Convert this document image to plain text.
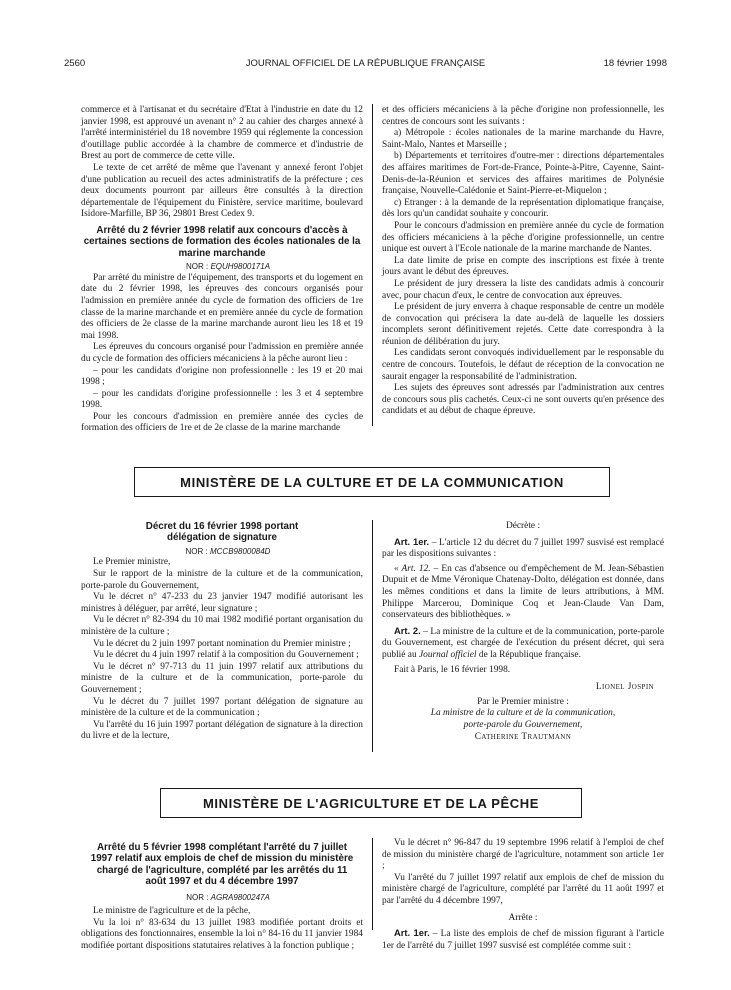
2560	JOURNAL OFFICIEL DE LA RÉPUBLIQUE FRANÇAISE	18 février 1998

commerce et à l'artisanat et du secrétaire d'Etat à l'industrie en date du 12 janvier 1998, est approuvé un avenant n° 2 au cahier des charges annexé à l'arrêté interministériel du 18 novembre 1959 qui réglemente la concession d'outillage public accordée à la chambre de commerce et d'industrie de Brest au port de commerce de cette ville.

Le texte de cet arrêté de même que l'avenant y annexé feront l'objet d'une publication au recueil des actes administratifs de la préfecture ; ces deux documents pourront par ailleurs être consultés à la direction départementale de l'équipement du Finistère, service maritime, boulevard Isidore-Marfille, BP 36, 29801 Brest Cedex 9.

Arrêté du 2 février 1998 relatif aux concours d'accès à certaines sections de formation des écoles nationales de la marine marchande

NOR : EQUH9800171A

Par arrêté du ministre de l'équipement, des transports et du logement en date du 2 février 1998, les épreuves des concours organisés pour l'admission en première année du cycle de formation des officiers de 1re classe de la marine marchande et en première année du cycle de formation des officiers de 2e classe de la marine marchande auront lieu les 18 et 19 mai 1998.

Les épreuves du concours organisé pour l'admission en première année du cycle de formation des officiers mécaniciens à la pêche auront lieu :

– pour les candidats d'origine non professionnelle : les 19 et 20 mai 1998 ;

– pour les candidats d'origine professionnelle : les 3 et 4 septembre 1998.

Pour les concours d'admission en première année des cycles de formation des officiers de 1re et de 2e classe de la marine marchande

et des officiers mécaniciens à la pêche d'origine non professionnelle, les centres de concours sont les suivants :

a) Métropole : écoles nationales de la marine marchande du Havre, Saint-Malo, Nantes et Marseille ;

b) Départements et territoires d'outre-mer : directions départementales des affaires maritimes de Fort-de-France, Pointe-à-Pitre, Cayenne, Saint-Denis-de-la-Réunion et services des affaires maritimes de Polynésie française, Nouvelle-Calédonie et Saint-Pierre-et-Miquelon ;

c) Etranger : à la demande de la représentation diplomatique française, dès lors qu'un candidat souhaite y concourir.

Pour le concours d'admission en première année du cycle de formation des officiers mécaniciens à la pêche d'origine professionnelle, un centre unique est ouvert à l'Ecole nationale de la marine marchande de Nantes.

La date limite de prise en compte des inscriptions est fixée à trente jours avant le début des épreuves.

Le président de jury dressera la liste des candidats admis à concourir avec, pour chacun d'eux, le centre de convocation aux épreuves.

Le président de jury enverra à chaque responsable de centre un modèle de convocation qui précisera la date au-delà de laquelle les dossiers incomplets seront définitivement rejetés. Cette date correspondra à la réunion de délibération du jury.

Les candidats seront convoqués individuellement par le responsable du centre de concours. Toutefois, le défaut de réception de la convocation ne saurait engager la responsabilité de l'administration.

Les sujets des épreuves sont adressés par l'administration aux centres de concours sous plis cachetés. Ceux-ci ne sont ouverts qu'en présence des candidats et au début de chaque épreuve.

MINISTÈRE DE LA CULTURE ET DE LA COMMUNICATION
Décret du 16 février 1998 portant délégation de signature

NOR : MCCB9800084D

Le Premier ministre,

Sur le rapport de la ministre de la culture et de la communication, porte-parole du Gouvernement,

Vu le décret n° 47-233 du 23 janvier 1947 modifié autorisant les ministres à déléguer, par arrêté, leur signature ;

Vu le décret n° 82-394 du 10 mai 1982 modifié portant organisation du ministère de la culture ;

Vu le décret du 2 juin 1997 portant nomination du Premier ministre ;

Vu le décret du 4 juin 1997 relatif à la composition du Gouvernement ;

Vu le décret n° 97-713 du 11 juin 1997 relatif aux attributions du ministre de la culture et de la communication, porte-parole du Gouvernement ;

Vu le décret du 7 juillet 1997 portant délégation de signature au ministère de la culture et de la communication ;

Vu l'arrêté du 16 juin 1997 portant délégation de signature à la direction du livre et de la lecture,

Décrète :

Art. 1er. – L'article 12 du décret du 7 juillet 1997 susvisé est remplacé par les dispositions suivantes :

« Art. 12. – En cas d'absence ou d'empêchement de M. Jean-Sébastien Dupuit et de Mme Véronique Chatenay-Dolto, délégation est donnée, dans les mêmes conditions et dans la limite de leurs attributions, à MM. Philippe Marcerou, Dominique Coq et Jean-Claude Van Dam, conservateurs des bibliothèques. »

Art. 2. – La ministre de la culture et de la communication, porte-parole du Gouvernement, est chargée de l'exécution du présent décret, qui sera publié au Journal officiel de la République française.

Fait à Paris, le 16 février 1998.

Lionel Jospin

Par le Premier ministre :

La ministre de la culture et de la communication, porte-parole du Gouvernement,

Catherine Trautmann

MINISTÈRE DE L'AGRICULTURE ET DE LA PÊCHE
Arrêté du 5 février 1998 complétant l'arrêté du 7 juillet 1997 relatif aux emplois de chef de mission du ministère chargé de l'agriculture, complété par les arrêtés du 11 août 1997 et du 4 décembre 1997

NOR : AGRA9800247A

Le ministre de l'agriculture et de la pêche,

Vu la loi n° 83-634 du 13 juillet 1983 modifiée portant droits et obligations des fonctionnaires, ensemble la loi n° 84-16 du 11 janvier 1984 modifiée portant dispositions statutaires relatives à la fonction publique ;

Vu le décret n° 96-847 du 19 septembre 1996 relatif à l'emploi de chef de mission du ministère chargé de l'agriculture, notamment son article 1er ;

Vu l'arrêté du 7 juillet 1997 relatif aux emplois de chef de mission du ministère chargé de l'agriculture, complété par l'arrêté du 11 août 1997 et par l'arrêté du 4 décembre 1997,

Arrête :

Art. 1er. – La liste des emplois de chef de mission figurant à l'article 1er de l'arrêté du 7 juillet 1997 susvisé est complétée comme suit :
